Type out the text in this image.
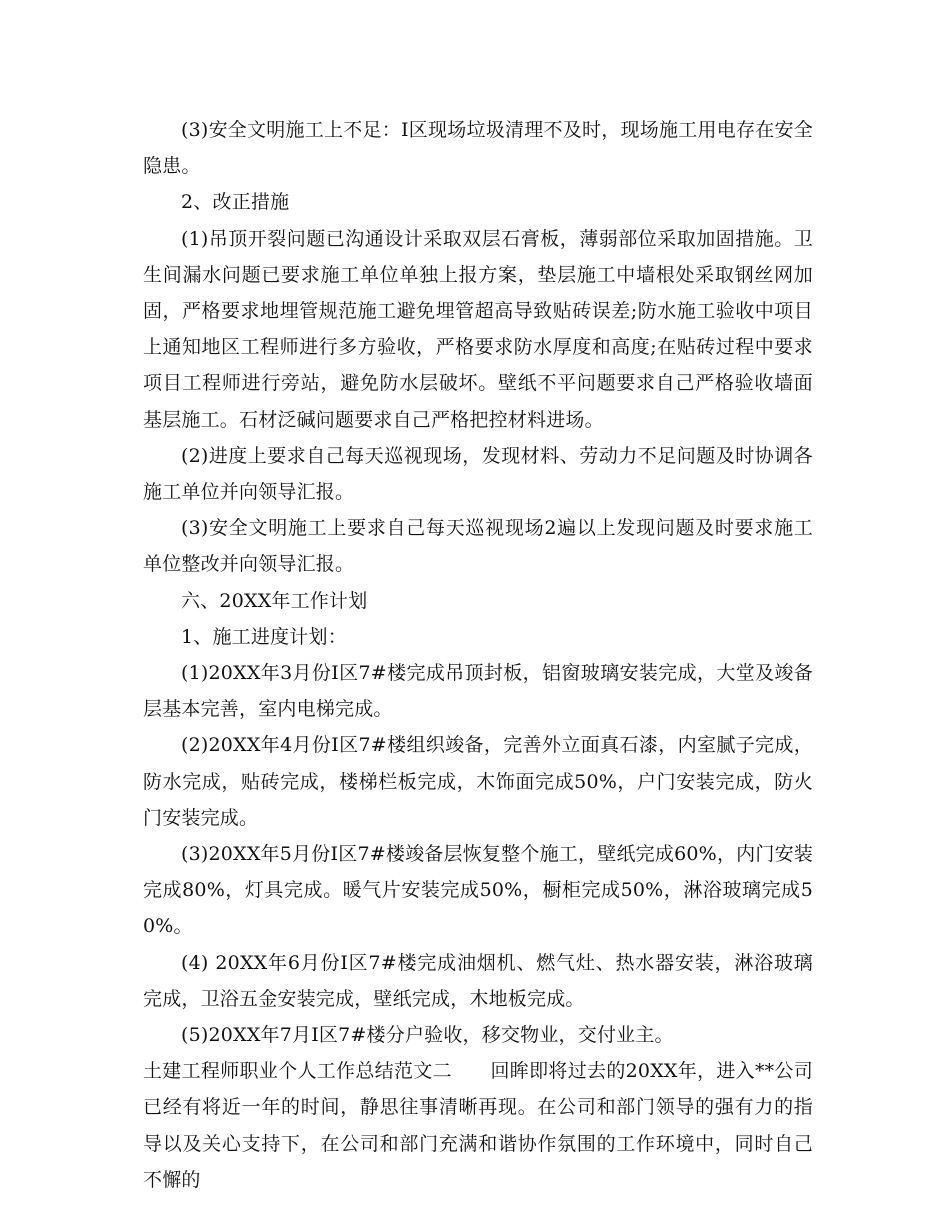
(3)安全文明施工上不足：I区现场垃圾清理不及时，现场施工用电存在安全隐患。

2、改正措施

(1)吊顶开裂问题已沟通设计采取双层石膏板，薄弱部位采取加固措施。卫生间漏水问题已要求施工单位单独上报方案，垫层施工中墙根处采取钢丝网加固，严格要求地埋管规范施工避免埋管超高导致贴砖误差;防水施工验收中项目上通知地区工程师进行多方验收，严格要求防水厚度和高度;在贴砖过程中要求项目工程师进行旁站，避免防水层破坏。壁纸不平问题要求自己严格验收墙面基层施工。石材泛碱问题要求自己严格把控材料进场。

(2)进度上要求自己每天巡视现场，发现材料、劳动力不足问题及时协调各施工单位并向领导汇报。

(3)安全文明施工上要求自己每天巡视现场2遍以上发现问题及时要求施工单位整改并向领导汇报。

六、20XX年工作计划

1、施工进度计划：

(1)20XX年3月份I区7#楼完成吊顶封板，铝窗玻璃安装完成，大堂及竣备层基本完善，室内电梯完成。

(2)20XX年4月份I区7#楼组织竣备，完善外立面真石漆，内室腻子完成，防水完成，贴砖完成，楼梯栏板完成，木饰面完成50%，户门安装完成，防火门安装完成。

(3)20XX年5月份I区7#楼竣备层恢复整个施工，壁纸完成60%，内门安装完成80%，灯具完成。暖气片安装完成50%，橱柜完成50%，淋浴玻璃完成50%。

(4) 20XX年6月份I区7#楼完成油烟机、燃气灶、热水器安装，淋浴玻璃完成，卫浴五金安装完成，壁纸完成，木地板完成。

(5)20XX年7月I区7#楼分户验收，移交物业，交付业主。

土建工程师职业个人工作总结范文二　　回眸即将过去的20XX年，进入**公司已经有将近一年的时间，静思往事清晰再现。在公司和部门领导的强有力的指导以及关心支持下，在公司和部门充满和谐协作氛围的工作环境中，同时自己不懈的
